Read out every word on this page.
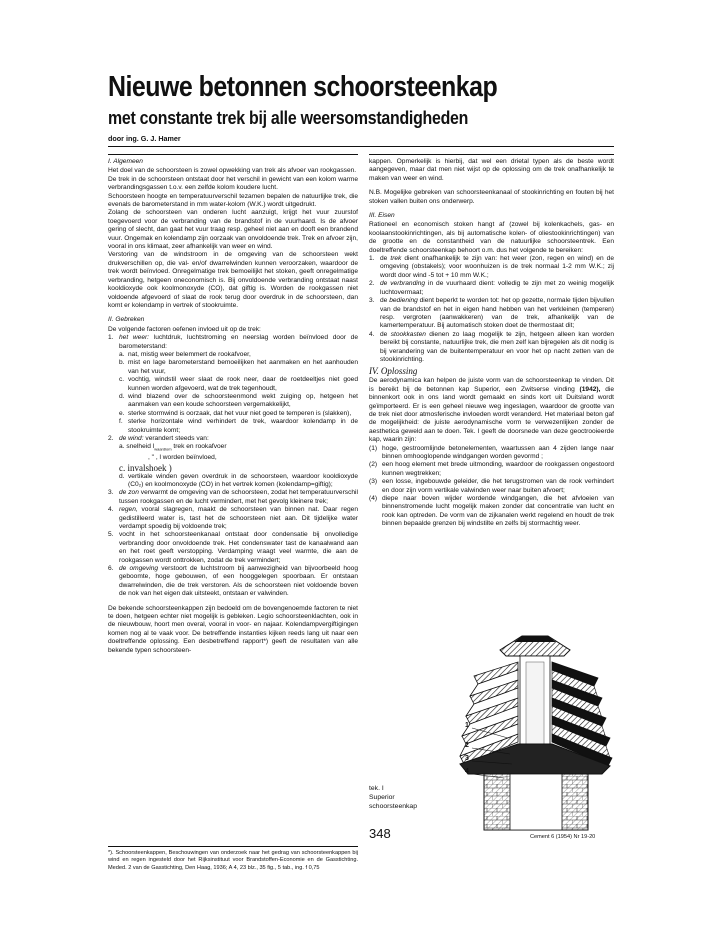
Nieuwe betonnen schoorsteenkap
met constante trek bij alle weersomstandigheden
door ing. G. J. Hamer

I. Algemeen

Het doel van de schoorsteen is zowel opwekking van trek als afvoer van rookgassen.

De trek in de schoorsteen ontstaat door het verschil in gewicht van een kolom warme verbrandingsgassen t.o.v. een zelfde kolom koudere lucht.

Schoorsteen hoogte en temperatuurverschil tezamen bepalen de natuurlijke trek, die evenals de barometerstand in mm water-kolom (W.K.) wordt uitgedrukt.

Zolang de schoorsteen van onderen lucht aanzuigt, krijgt het vuur zuurstof toegevoerd voor de verbranding van de brandstof in de vuurhaard. Is de afvoer gering of slecht, dan gaat het vuur traag resp. geheel niet aan en dooft een brandend vuur. Ongemak en kolendamp zijn oorzaak van onvoldoende trek. Trek en afvoer zijn, vooral in ons klimaat, zeer afhankelijk van weer en wind.

Verstoring van de windstroom in de omgeving van de schoorsteen wekt drukverschillen op, die val- en/of dwarrelwinden kunnen veroorzaken, waardoor de trek wordt beïnvloed. Onregelmatige trek bemoeilijkt het stoken, geeft onregelmatige verbranding, hetgeen oneconomisch is. Bij onvoldoende verbranding ontstaat naast kooldioxyde ook koolmonoxyde (CO), dat giftig is. Worden de rookgassen niet voldoende afgevoerd of slaat de rook terug door overdruk in de schoorsteen, dan komt er kolendamp in vertrek of stookruimte.

II. Gebreken

De volgende factoren oefenen invloed uit op de trek:

1. het weer: luchtdruk, luchtstroming en neerslag worden beïnvloed door de barometerstand:
a. nat, mistig weer belemmert de rookafvoer,
b. mist en lage barometerstand bemoeilijken het aanmaken en het aanhouden van het vuur,
c. vochtig, windstil weer slaat de rook neer, daar de roetdeeltjes niet goed kunnen worden afgevoerd, wat de trek tegenhoudt,
d. wind blazend over de schoorsteenmond wekt zuiging op, hetgeen het aanmaken van een koude schoorsteen vergemakkelijkt,
e. sterke stormwind is oorzaak, dat het vuur niet goed te temperen is (slakken),
f. sterke horizontale wind verhindert de trek, waardoor kolendamp in de stookruimte komt;
2. de wind: verandert steeds van:
a. snelheid $l_{waardlom}$ trek en rookafvoer
, " , l worden beïnvloed,
c. invalshoek )
d. vertikale winden geven overdruk in de schoorsteen, waardoor kooldioxyde (C0₂) en koolmonoxyde (CO) in het vertrek komen (kolendamp=giftig);
3. de zon verwarmt de omgeving van de schoorsteen, zodat het temperatuurverschil tussen rookgassen en de lucht vermindert, met het gevolg kleinere trek;
4. regen, vooral slagregen, maakt de schoorsteen van binnen nat. Daar regen gedistilleerd water is, tast het de schoorsteen niet aan. Dit tijdelijke water verdampt spoedig bij voldoende trek;
5. vocht in het schoorsteenkanaal ontstaat door condensatie bij onvolledige verbranding door onvoldoende trek. Het condenswater tast de kanaalwand aan en het roet geeft verstopping. Verdamping vraagt veel warmte, die aan de rookgassen wordt onttrokken, zodat de trek vermindert;
6. de omgeving verstoort de luchtstroom bij aanwezigheid van bijvoorbeeld hoog geboomte, hoge gebouwen, of een hooggelegen spoorbaan. Er ontstaan dwarrelwinden, die de trek verstoren. Als de schoorsteen niet voldoende boven de nok van het eigen dak uitsteekt, ontstaan er valwinden.

De bekende schoorsteenkappen zijn bedoeld om de bovengenoemde factoren te niet te doen, hetgeen echter niet mogelijk is gebleken. Legio schoorsteenklachten, ook in de nieuwbouw, hoort men overal, vooral in voor- en najaar. Kolendampvergiftigingen komen nog al te vaak voor. De betreffende instanties kijken reeds lang uit naar een doeltreffende oplossing. Een desbetreffend rapport*) geeft de resultaten van alle bekende typen schoorsteen-

*). Schoorsteenkappen, Beschouwingen van onderzoek naar het gedrag van schoorsteenkappen bij wind en regen ingesteld door het Rijksinstituut voor Brandstoffen-Economie en de Gasstichting. Meded. 2 van de Gasstichting, Den Haag, 1936; A 4, 23 blz., 35 fig., 5 tab., ing. f 0,75

kappen. Opmerkelijk is hierbij, dat wel een drietal typen als de beste wordt aangegeven, maar dat men niet wijst op de oplossing om de trek onafhankelijk te maken van weer en wind.

N.B. Mogelijke gebreken van schoorsteenkanaal of stookinrichting en fouten bij het stoken vallen buiten ons onderwerp.

III. Eisen

Rationeel en economisch stoken hangt af (zowel bij kolenkachels, gas- en koolaanstookinrichtingen, als bij automatische kolen- of oliestookinrichtingen) van de grootte en de constantheid van de natuurlijke schoorsteentrek. Een doeltreffende schoorsteenkap behoort o.m. dus het volgende te bereiken:

1. de trek dient onafhankelijk te zijn van: het weer (zon, regen en wind) en de omgeving (obstakels); voor woonhuizen is de trek normaal 1-2 mm W.K.; zij wordt door wind -5 tot + 10 mm W.K.;
2. de verbranding in de vuurhaard dient: volledig te zijn met zo weinig mogelijk luchtovermaat;
3. de bediening dient beperkt te worden tot: het op gezette, normale tijden bijvullen van de brandstof en het in eigen hand hebben van het verkleinen (temperen) resp. vergroten (aanwakkeren) van de trek, afhankelijk van de kamertemperatuur. Bij automatisch stoken doet de thermostaat dit;
4. de stookkasten dienen zo laag mogelijk te zijn, hetgeen alleen kan worden bereikt bij constante, natuurlijke trek, die men zelf kan bijregelen als dit nodig is bij verandering van de buitentemperatuur en voor het op nacht zetten van de stookinrichting.

IV. Oplossing

De aerodynamica kan helpen de juiste vorm van de schoorsteenkap te vinden. Dit is bereikt bij de betonnen kap Superior, een Zwitserse vinding (1942), die binnenkort ook in ons land wordt gemaakt en sinds kort uit Duitsland wordt geïmporteerd. Er is een geheel nieuwe weg ingeslagen, waardoor de grootte van de trek niet door atmosferische invloeden wordt veranderd. Het materiaal beton gaf de mogelijkheid: de juiste aerodynamische vorm te verwezenlijken zonder de aesthetica geweld aan te doen. Tek. I geeft de doorsnede van deze geoctrooieerde kap, waarin zijn:

(1) hoge, gestroomlijnde betonelementen, waartussen aan 4 zijden lange naar binnen omhooglopende windgangen worden gevormd ;
(2) een hoog element met brede uitmonding, waardoor de rookgassen ongestoord kunnen wegtrekken;
(3) een losse, ingebouwde geleider, die het terugstromen van de rook verhindert en door zijn vorm vertikale valwinden weer naar buiten afvoert;
(4) diepe naar boven wijder wordende windgangen, die het afvloeien van binnenstromende lucht mogelijk maken zonder dat concentratie van lucht en rook kan optreden. De vorm van de zijkanalen werkt regelend en houdt de trek binnen bepaalde grenzen bij windstilte en zelfs bij stormachtig weer.
1
2
3
4
tek. I
Superior
schoorsteenkap
348	Cement 6 (1954) Nr 19-20
